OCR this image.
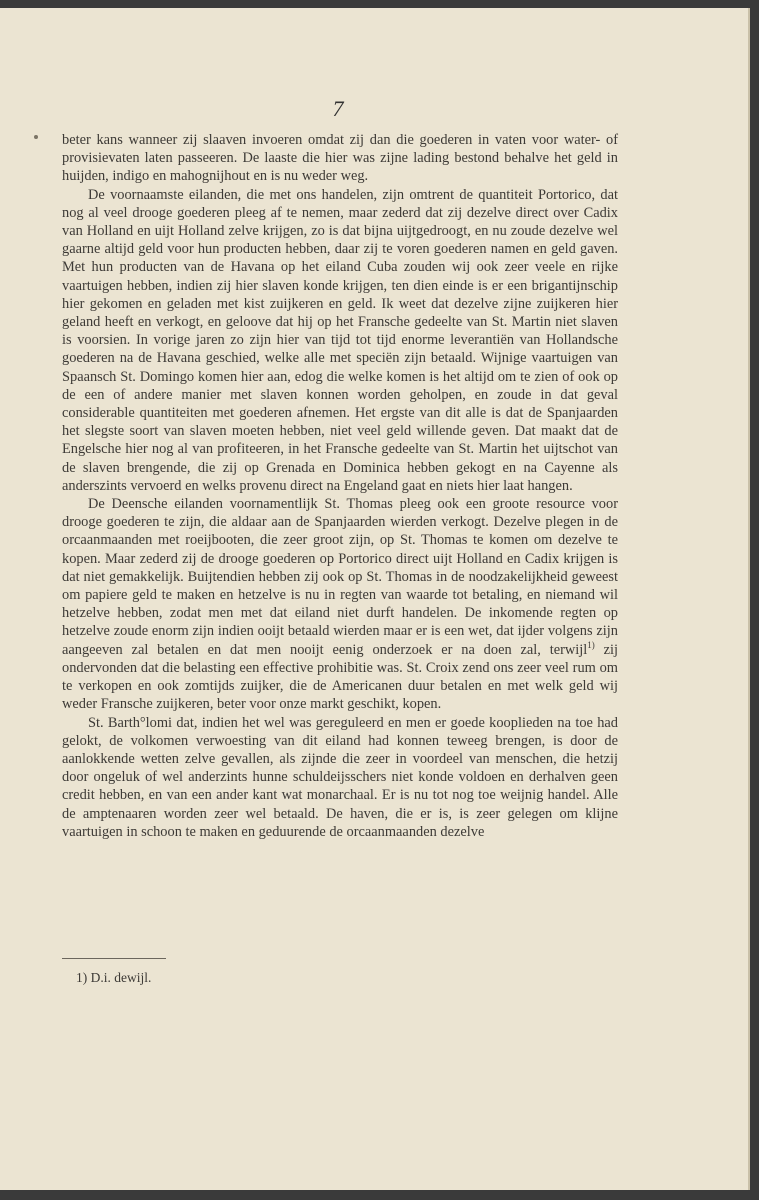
7

beter kans wanneer zij slaaven invoeren omdat zij dan die goederen in vaten voor water- of provisievaten laten passeeren. De laaste die hier was zijne lading bestond behalve het geld in huijden, indigo en mahognijhout en is nu weder weg.

De voornaamste eilanden, die met ons handelen, zijn omtrent de quantiteit Portorico, dat nog al veel drooge goederen pleeg af te nemen, maar zederd dat zij dezelve direct over Cadix van Holland en uijt Holland zelve krijgen, zo is dat bijna uijtgedroogt, en nu zoude dezelve wel gaarne altijd geld voor hun producten hebben, daar zij te voren goederen namen en geld gaven. Met hun producten van de Havana op het eiland Cuba zouden wij ook zeer veele en rijke vaartuigen hebben, indien zij hier slaven konde krijgen, ten dien einde is er een brigantijnschip hier gekomen en geladen met kist zuijkeren en geld. Ik weet dat dezelve zijne zuijkeren hier geland heeft en verkogt, en geloove dat hij op het Fransche gedeelte van St. Martin niet slaven is voorsien. In vorige jaren zo zijn hier van tijd tot tijd enorme leverantiën van Hollandsche goederen na de Havana geschied, welke alle met speciën zijn betaald. Wijnige vaartuigen van Spaansch St. Domingo komen hier aan, edog die welke komen is het altijd om te zien of ook op de een of andere manier met slaven konnen worden geholpen, en zoude in dat geval considerable quantiteiten met goederen afnemen. Het ergste van dit alle is dat de Spanjaarden het slegste soort van slaven moeten hebben, niet veel geld willende geven. Dat maakt dat de Engelsche hier nog al van profiteeren, in het Fransche gedeelte van St. Martin het uijtschot van de slaven brengende, die zij op Grenada en Dominica hebben gekogt en na Cayenne als anderszints vervoerd en welks provenu direct na Engeland gaat en niets hier laat hangen.

De Deensche eilanden voornamentlijk St. Thomas pleeg ook een groote resource voor drooge goederen te zijn, die aldaar aan de Spanjaarden wierden verkogt. Dezelve plegen in de orcaanmaanden met roeijbooten, die zeer groot zijn, op St. Thomas te komen om dezelve te kopen. Maar zederd zij de drooge goederen op Portorico direct uijt Holland en Cadix krijgen is dat niet gemakkelijk. Buijtendien hebben zij ook op St. Thomas in de noodzakelijkheid geweest om papiere geld te maken en hetzelve is nu in regten van waarde tot betaling, en niemand wil hetzelve hebben, zodat men met dat eiland niet durft handelen. De inkomende regten op hetzelve zoude enorm zijn indien ooijt betaald wierden maar er is een wet, dat ijder volgens zijn aangeeven zal betalen en dat men nooijt eenig onderzoek er na doen zal, terwijl$^{1)}$ zij ondervonden dat die belasting een effective prohibitie was. St. Croix zend ons zeer veel rum om te verkopen en ook zomtijds zuijker, die de Americanen duur betalen en met welk geld wij weder Fransche zuijkeren, beter voor onze markt geschikt, kopen.

St. Barth°lomi dat, indien het wel was gereguleerd en men er goede kooplieden na toe had gelokt, de volkomen verwoesting van dit eiland had konnen teweeg brengen, is door de aanlokkende wetten zelve gevallen, als zijnde die zeer in voordeel van menschen, die hetzij door ongeluk of wel anderzints hunne schuldeijsschers niet konde voldoen en derhalven geen credit hebben, en van een ander kant wat monarchaal. Er is nu tot nog toe weijnig handel. Alle de amptenaaren worden zeer wel betaald. De haven, die er is, is zeer gelegen om klijne vaartuigen in schoon te maken en geduurende de orcaanmaanden dezelve

1) D.i. dewijl.
